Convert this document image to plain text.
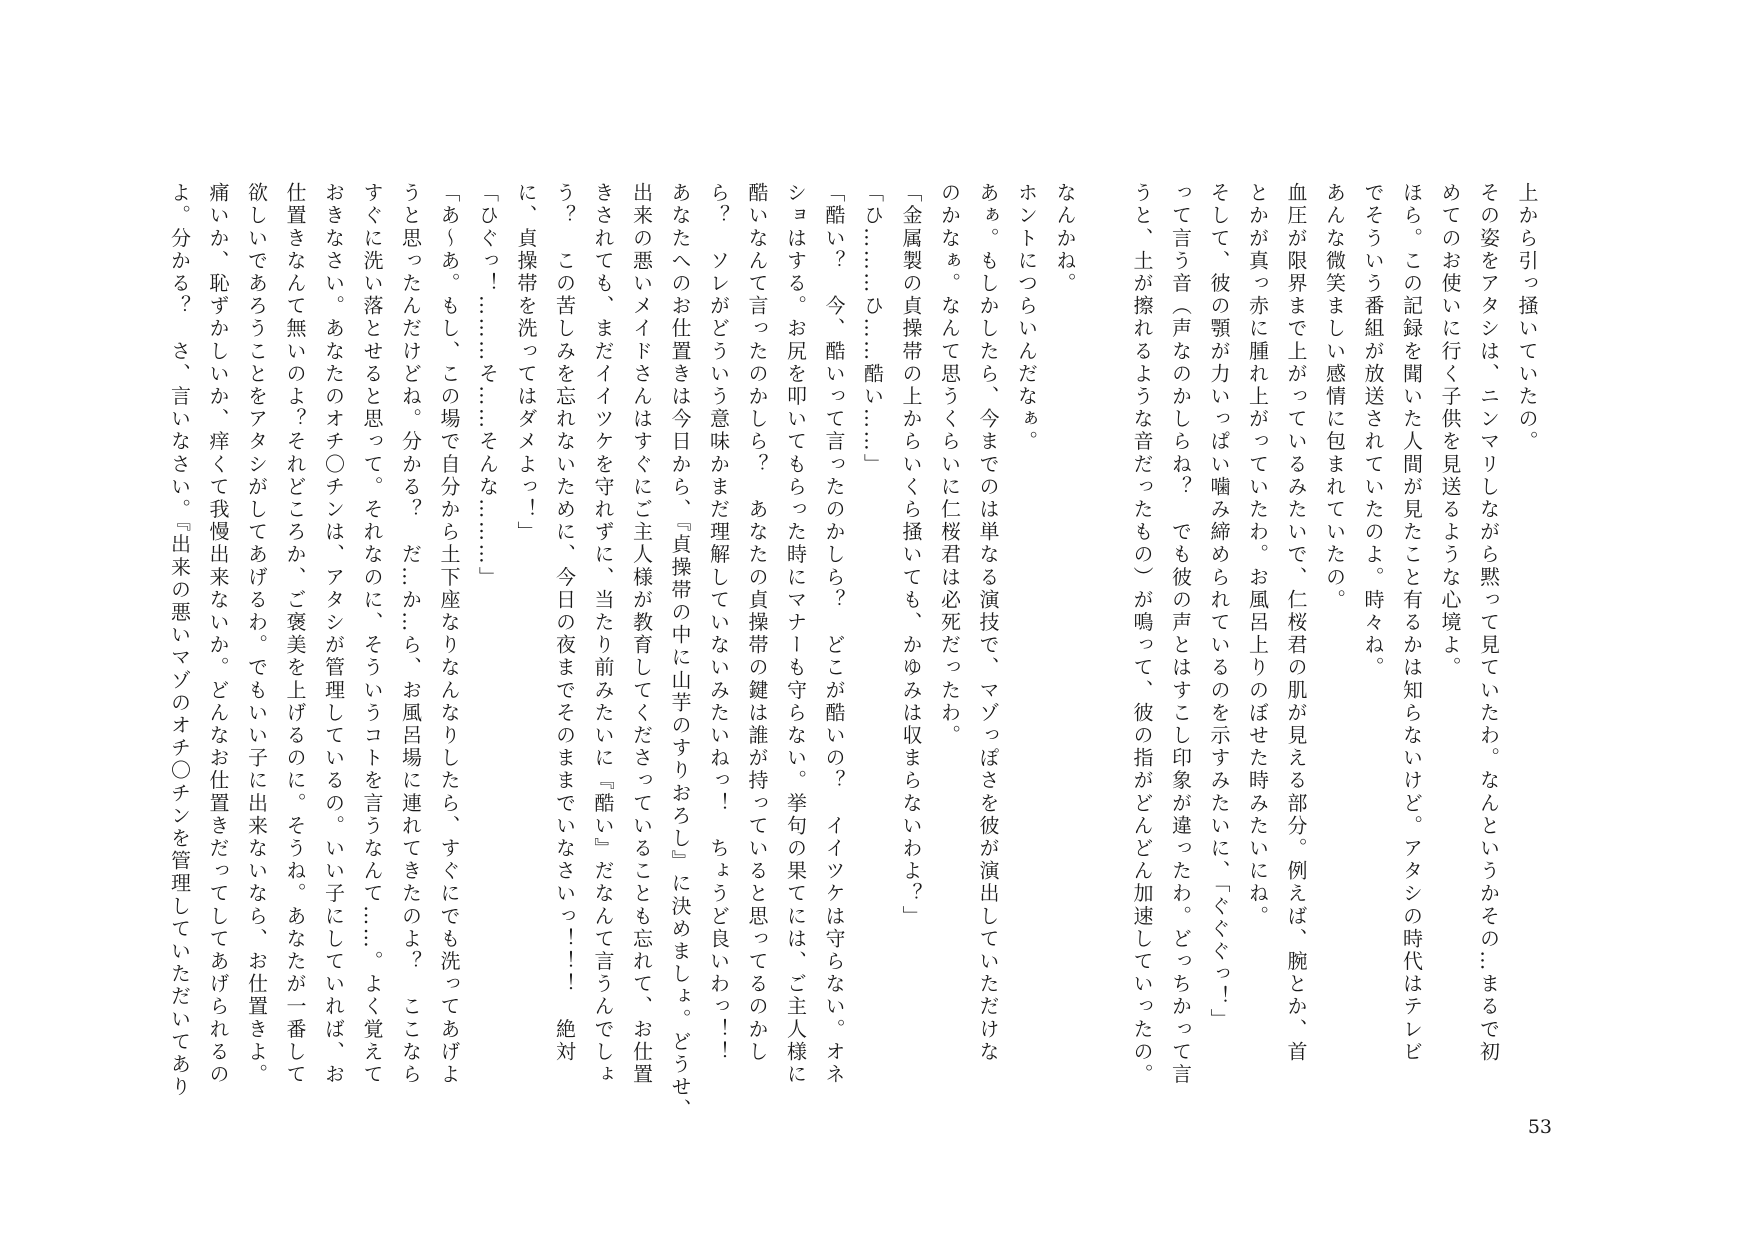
上から引っ掻いていたの。

その姿をアタシは、ニンマリしながら黙って見ていたわ。なんというかその…まるで初

めてのお使いに行く子供を見送るような心境よ。

ほら。この記録を聞いた人間が見たこと有るかは知らないけど。アタシの時代はテレビ

でそういう番組が放送されていたのよ。時々ね。

あんな微笑ましい感情に包まれていたの。

血圧が限界まで上がっているみたいで、仁桜君の肌が見える部分。例えば、腕とか、首

とかが真っ赤に腫れ上がっていたわ。お風呂上りのぼせた時みたいにね。

そして、彼の顎が力いっぱい噛み締められているのを示すみたいに、「ぐぐぐっ！」

って言う音（声なのかしらね？　でも彼の声とはすこし印象が違ったわ。どっちかって言

うと、土が擦れるような音だったもの）が鳴って、彼の指がどんどん加速していったの。

なんかね。

ホントにつらいんだなぁ。

あぁ。もしかしたら、今までのは単なる演技で、マゾっぽさを彼が演出していただけな

のかなぁ。なんて思うくらいに仁桜君は必死だったわ。

「金属製の貞操帯の上からいくら掻いても、かゆみは収まらないわよ？」

「ひ………ひ……酷い……」

「酷い？　今、酷いって言ったのかしら？　どこが酷いの？　イイツケは守らない。オネ

ショはする。お尻を叩いてもらった時にマナーも守らない。挙句の果てには、ご主人様に

酷いなんて言ったのかしら？　あなたの貞操帯の鍵は誰が持っていると思ってるのかし

ら？　ソレがどういう意味かまだ理解していないみたいねっ！　ちょうど良いわっ！！

あなたへのお仕置きは今日から、『貞操帯の中に山芋のすりおろし』に決めましょ。どうせ、

出来の悪いメイドさんはすぐにご主人様が教育してくださっていることも忘れて、お仕置

きされても、まだイイツケを守れずに、当たり前みたいに『酷い』だなんて言うんでしょ

う？　この苦しみを忘れないために、今日の夜までそのままでいなさいっ！！！　絶対

に、貞操帯を洗ってはダメよっ！」

「ひぐっ！………そ……そんな………」

「あ～あ。もし、この場で自分から土下座なりなんなりしたら、すぐにでも洗ってあげよ

うと思ったんだけどね。分かる？　だ…か…ら、お風呂場に連れてきたのよ？　ここなら

すぐに洗い落とせると思って。それなのに、そういうコトを言うなんて……。よく覚えて

おきなさい。あなたのオチ〇チンは、アタシが管理しているの。いい子にしていれば、お

仕置きなんて無いのよ？それどころか、ご褒美を上げるのに。そうね。あなたが一番して

欲しいであろうことをアタシがしてあげるわ。でもいい子に出来ないなら、お仕置きよ。

痛いか、恥ずかしいか、痒くて我慢出来ないか。どんなお仕置きだってしてあげられるの

よ。分かる？　さ、言いなさい。『出来の悪いマゾのオチ〇チンを管理していただいてあり

53
